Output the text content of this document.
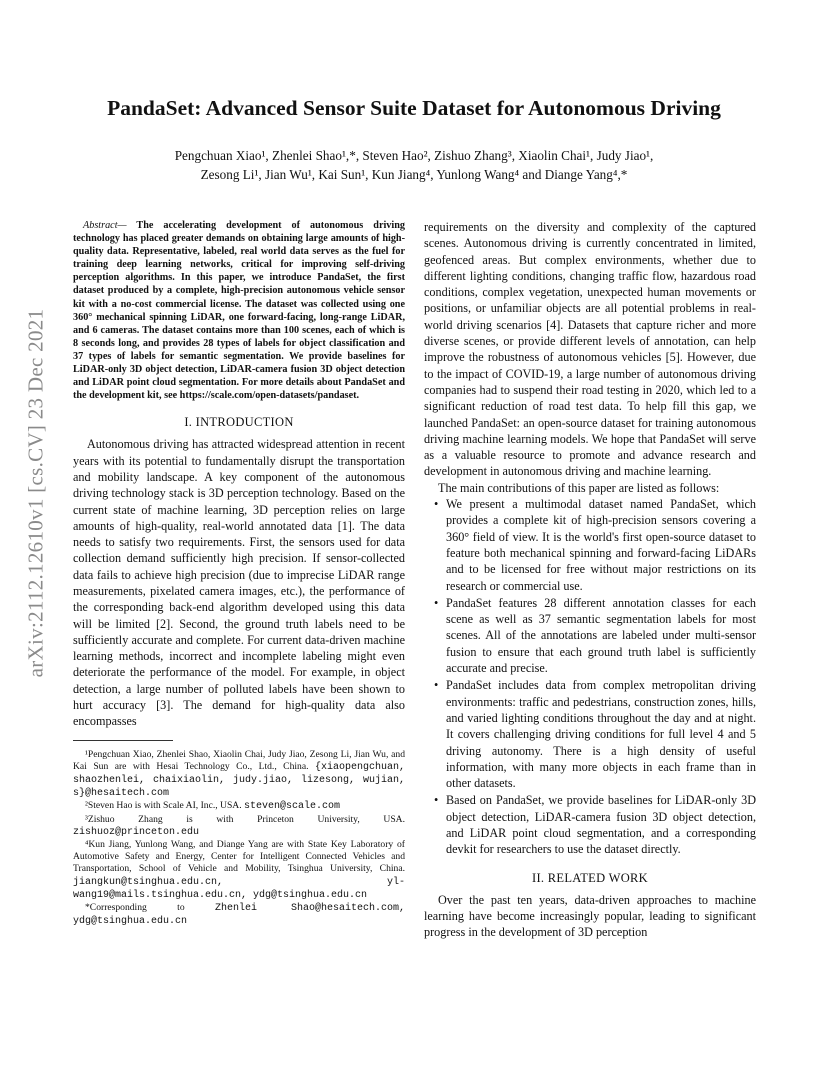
arXiv:2112.12610v1 [cs.CV] 23 Dec 2021
PandaSet: Advanced Sensor Suite Dataset for Autonomous Driving
Pengchuan Xiao¹, Zhenlei Shao¹,*, Steven Hao², Zishuo Zhang³, Xiaolin Chai¹, Judy Jiao¹,
Zesong Li¹, Jian Wu¹, Kai Sun¹, Kun Jiang⁴, Yunlong Wang⁴ and Diange Yang⁴,*

Abstract— The accelerating development of autonomous driving technology has placed greater demands on obtaining large amounts of high-quality data. Representative, labeled, real world data serves as the fuel for training deep learning networks, critical for improving self-driving perception algorithms. In this paper, we introduce PandaSet, the first dataset produced by a complete, high-precision autonomous vehicle sensor kit with a no-cost commercial license. The dataset was collected using one 360° mechanical spinning LiDAR, one forward-facing, long-range LiDAR, and 6 cameras. The dataset contains more than 100 scenes, each of which is 8 seconds long, and provides 28 types of labels for object classification and 37 types of labels for semantic segmentation. We provide baselines for LiDAR-only 3D object detection, LiDAR-camera fusion 3D object detection and LiDAR point cloud segmentation. For more details about PandaSet and the development kit, see https://scale.com/open-datasets/pandaset.

I. INTRODUCTION

Autonomous driving has attracted widespread attention in recent years with its potential to fundamentally disrupt the transportation and mobility landscape. A key component of the autonomous driving technology stack is 3D perception technology. Based on the current state of machine learning, 3D perception relies on large amounts of high-quality, real-world annotated data [1]. The data needs to satisfy two requirements. First, the sensors used for data collection demand sufficiently high precision. If sensor-collected data fails to achieve high precision (due to imprecise LiDAR range measurements, pixelated camera images, etc.), the performance of the corresponding back-end algorithm developed using this data will be limited [2]. Second, the ground truth labels need to be sufficiently accurate and complete. For current data-driven machine learning methods, incorrect and incomplete labeling might even deteriorate the performance of the model. For example, in object detection, a large number of polluted labels have been shown to hurt accuracy [3]. The demand for high-quality data also encompasses

¹Pengchuan Xiao, Zhenlei Shao, Xiaolin Chai, Judy Jiao, Zesong Li, Jian Wu, and Kai Sun are with Hesai Technology Co., Ltd., China. {xiaopengchuan, shaozhenlei, chaixiaolin, judy.jiao, lizesong, wujian, s}@hesaitech.com

²Steven Hao is with Scale AI, Inc., USA. steven@scale.com

³Zishuo Zhang is with Princeton University, USA. zishuoz@princeton.edu

⁴Kun Jiang, Yunlong Wang, and Diange Yang are with State Key Laboratory of Automotive Safety and Energy, Center for Intelligent Connected Vehicles and Transportation, School of Vehicle and Mobility, Tsinghua University, China. jiangkun@tsinghua.edu.cn, yl-wang19@mails.tsinghua.edu.cn, ydg@tsinghua.edu.cn

*Corresponding to	Zhenlei Shao@hesaitech.com, ydg@tsinghua.edu.cn

requirements on the diversity and complexity of the captured scenes. Autonomous driving is currently concentrated in limited, geofenced areas. But complex environments, whether due to different lighting conditions, changing traffic flow, hazardous road conditions, complex vegetation, unexpected human movements or positions, or unfamiliar objects are all potential problems in real-world driving scenarios [4]. Datasets that capture richer and more diverse scenes, or provide different levels of annotation, can help improve the robustness of autonomous vehicles [5]. However, due to the impact of COVID-19, a large number of autonomous driving companies had to suspend their road testing in 2020, which led to a significant reduction of road test data. To help fill this gap, we launched PandaSet: an open-source dataset for training autonomous driving machine learning models. We hope that PandaSet will serve as a valuable resource to promote and advance research and development in autonomous driving and machine learning.

The main contributions of this paper are listed as follows:

• We present a multimodal dataset named PandaSet, which provides a complete kit of high-precision sensors covering a 360° field of view. It is the world's first open-source dataset to feature both mechanical spinning and forward-facing LiDARs and to be licensed for free without major restrictions on its research or commercial use.
• PandaSet features 28 different annotation classes for each scene as well as 37 semantic segmentation labels for most scenes. All of the annotations are labeled under multi-sensor fusion to ensure that each ground truth label is sufficiently accurate and precise.
• PandaSet includes data from complex metropolitan driving environments: traffic and pedestrians, construction zones, hills, and varied lighting conditions throughout the day and at night. It covers challenging driving conditions for full level 4 and 5 driving autonomy. There is a high density of useful information, with many more objects in each frame than in other datasets.
• Based on PandaSet, we provide baselines for LiDAR-only 3D object detection, LiDAR-camera fusion 3D object detection, and LiDAR point cloud segmentation, and a corresponding devkit for researchers to use the dataset directly.
II. RELATED WORK

Over the past ten years, data-driven approaches to machine learning have become increasingly popular, leading to significant progress in the development of 3D perception
